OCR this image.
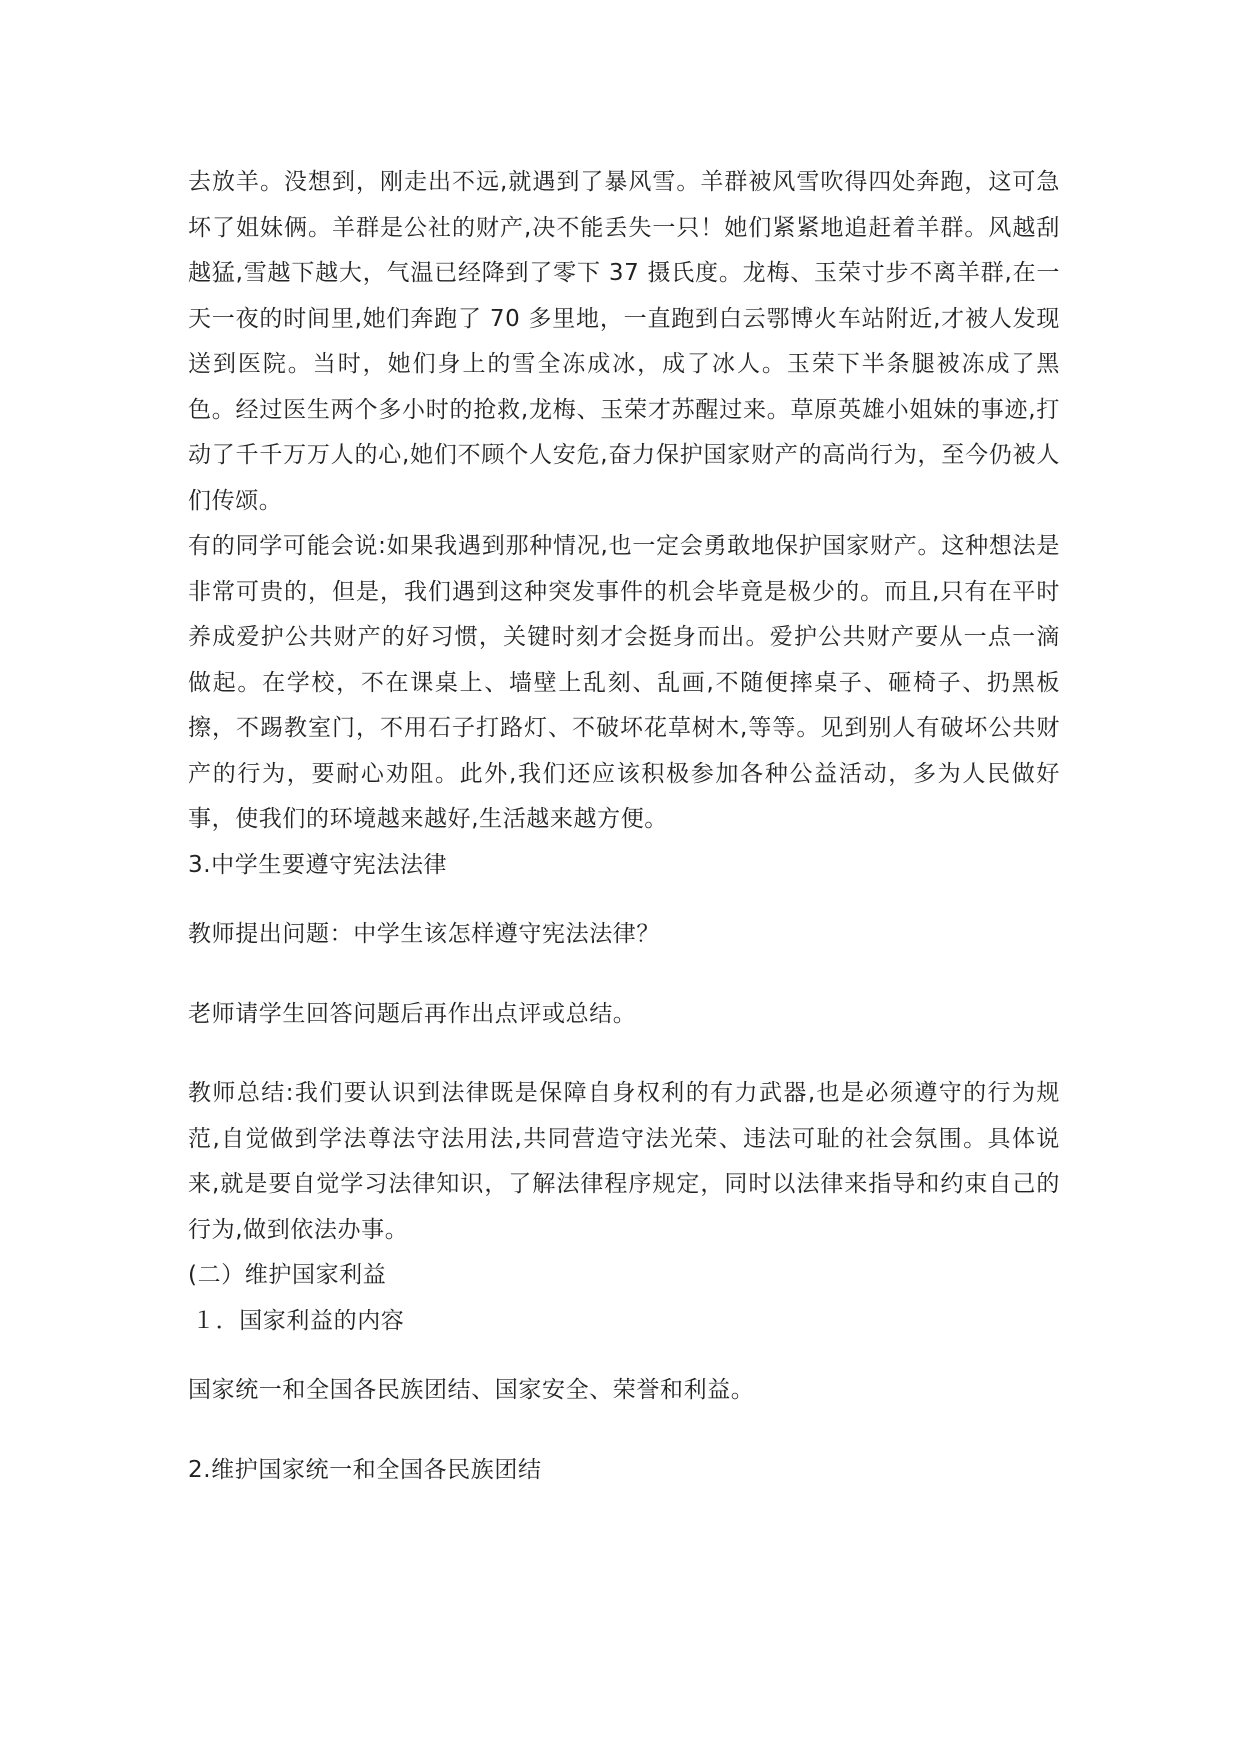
去放羊。没想到，刚走出不远,就遇到了暴风雪。羊群被风雪吹得四处奔跑，这可急坏了姐妹俩。羊群是公社的财产,决不能丢失一只！她们紧紧地追赶着羊群。风越刮越猛,雪越下越大，气温已经降到了零下 37 摄氏度。龙梅、玉荣寸步不离羊群,在一天一夜的时间里,她们奔跑了 70 多里地，一直跑到白云鄂博火车站附近,才被人发现送到医院。当时，她们身上的雪全冻成冰，成了冰人。玉荣下半条腿被冻成了黑色。经过医生两个多小时的抢救,龙梅、玉荣才苏醒过来。草原英雄小姐妹的事迹,打动了千千万万人的心,她们不顾个人安危,奋力保护国家财产的高尚行为，至今仍被人们传颂。

有的同学可能会说:如果我遇到那种情况,也一定会勇敢地保护国家财产。这种想法是非常可贵的，但是，我们遇到这种突发事件的机会毕竟是极少的。而且,只有在平时养成爱护公共财产的好习惯，关键时刻才会挺身而出。爱护公共财产要从一点一滴做起。在学校，不在课桌上、墙壁上乱刻、乱画,不随便摔桌子、砸椅子、扔黑板擦，不踢教室门，不用石子打路灯、不破坏花草树木,等等。见到别人有破坏公共财产的行为，要耐心劝阻。此外,我们还应该积极参加各种公益活动，多为人民做好事，使我们的环境越来越好,生活越来越方便。

3.中学生要遵守宪法法律

教师提出问题：中学生该怎样遵守宪法法律？

老师请学生回答问题后再作出点评或总结。

教师总结:我们要认识到法律既是保障自身权利的有力武器,也是必须遵守的行为规范,自觉做到学法尊法守法用法,共同营造守法光荣、违法可耻的社会氛围。具体说来,就是要自觉学习法律知识，了解法律程序规定，同时以法律来指导和约束自己的行为,做到依法办事。

(二）维护国家利益

１．国家利益的内容

国家统一和全国各民族团结、国家安全、荣誉和利益。

2.维护国家统一和全国各民族团结
